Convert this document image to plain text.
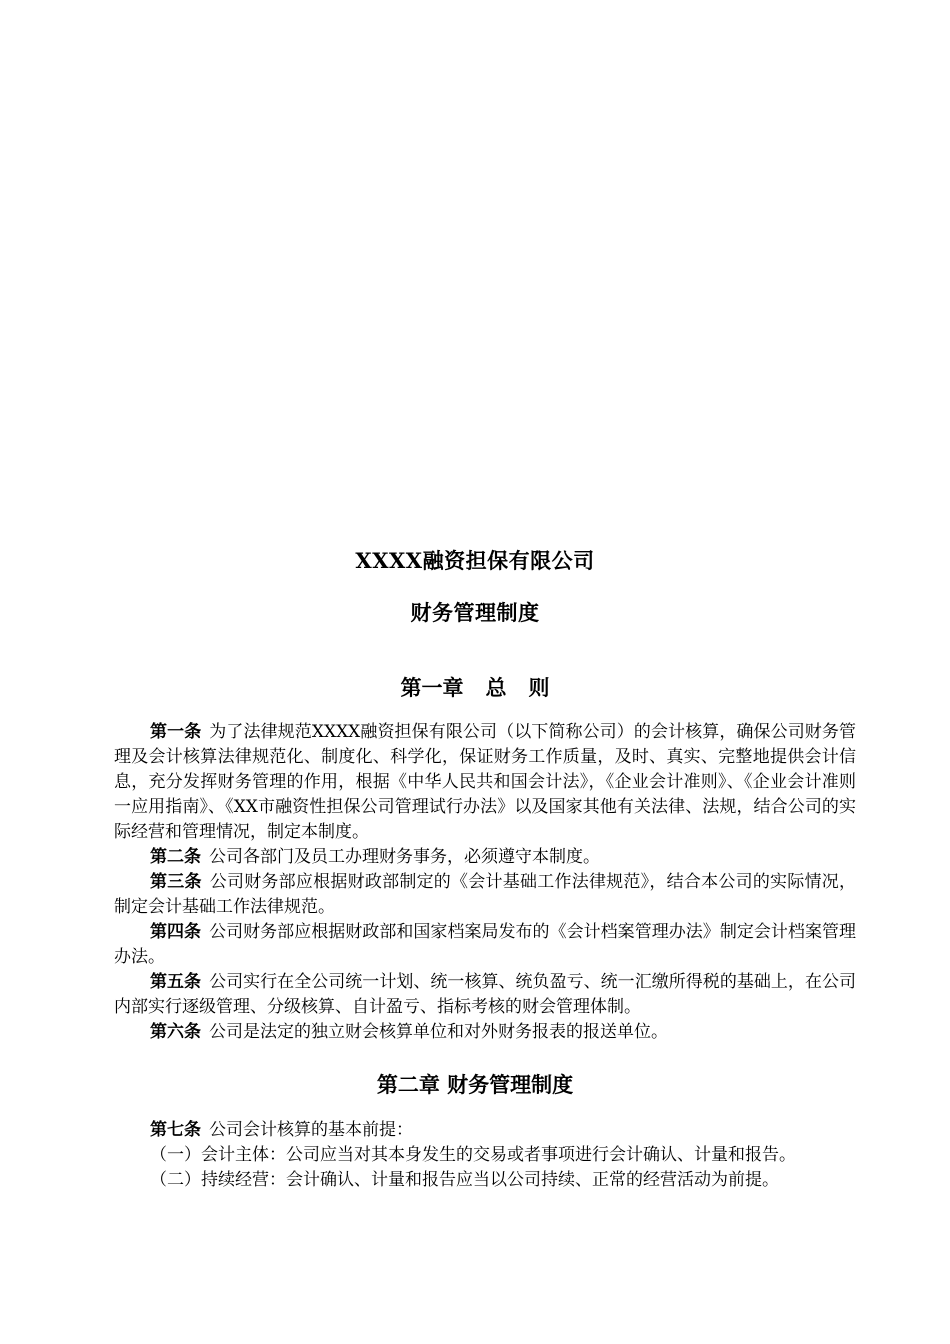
XXXX融资担保有限公司
财务管理制度
第一章 总 则

第一条 为了法律规范XXXX融资担保有限公司（以下简称公司）的会计核算，确保公司财务管理及会计核算法律规范化、制度化、科学化，保证财务工作质量，及时、真实、完整地提供会计信息，充分发挥财务管理的作用，根据《中华人民共和国会计法》，《企业会计准则》、《企业会计准则一应用指南》、《XX市融资性担保公司管理试行办法》以及国家其他有关法律、法规，结合公司的实际经营和管理情况，制定本制度。

第二条 公司各部门及员工办理财务事务，必须遵守本制度。

第三条 公司财务部应根据财政部制定的《会计基础工作法律规范》，结合本公司的实际情况，制定会计基础工作法律规范。

第四条 公司财务部应根据财政部和国家档案局发布的《会计档案管理办法》制定会计档案管理办法。

第五条 公司实行在全公司统一计划、统一核算、统负盈亏、统一汇缴所得税的基础上，在公司内部实行逐级管理、分级核算、自计盈亏、指标考核的财会管理体制。

第六条 公司是法定的独立财会核算单位和对外财务报表的报送单位。

第二章 财务管理制度

第七条 公司会计核算的基本前提：

（一）会计主体：公司应当对其本身发生的交易或者事项进行会计确认、计量和报告。

（二）持续经营：会计确认、计量和报告应当以公司持续、正常的经营活动为前提。
